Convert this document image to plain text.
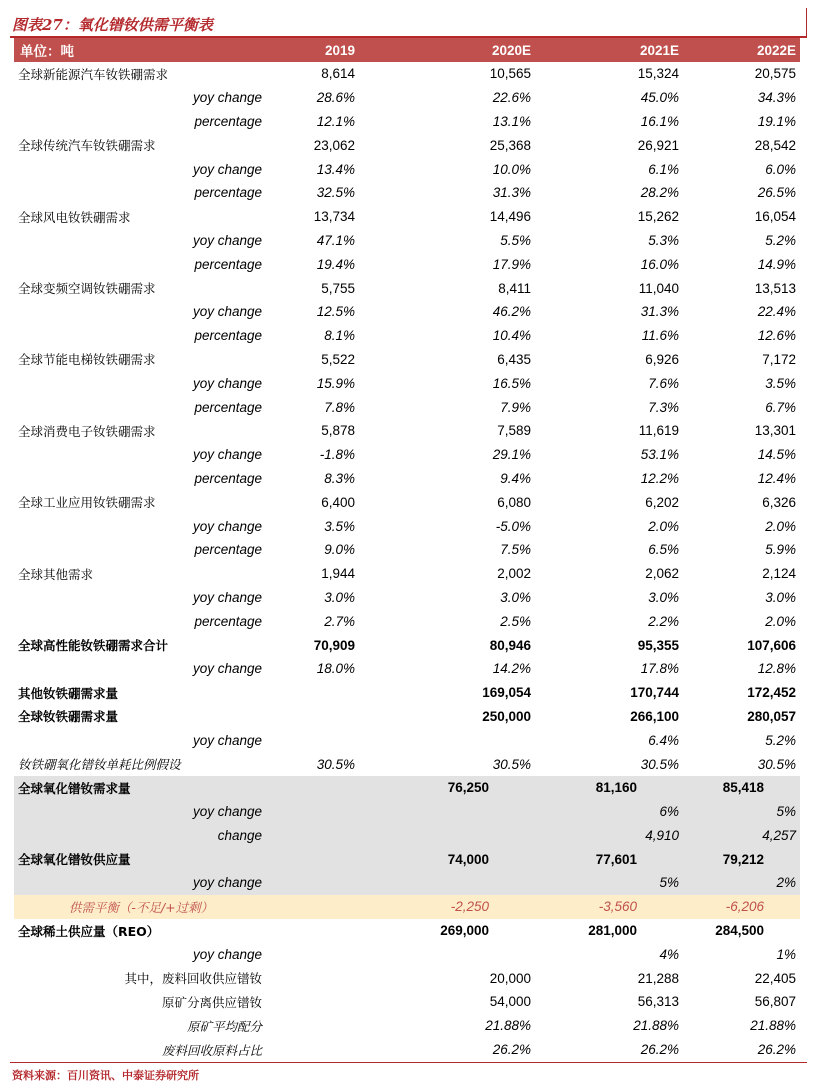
图表27：氧化镨钕供需平衡表
单位：吨	2019	2020E	2021E	2022E
全球新能源汽车钕铁硼需求	8,614	10,565	15,324	20,575
yoy change	28.6%	22.6%	45.0%	34.3%
percentage	12.1%	13.1%	16.1%	19.1%
全球传统汽车钕铁硼需求	23,062	25,368	26,921	28,542
yoy change	13.4%	10.0%	6.1%	6.0%
percentage	32.5%	31.3%	28.2%	26.5%
全球风电钕铁硼需求	13,734	14,496	15,262	16,054
yoy change	47.1%	5.5%	5.3%	5.2%
percentage	19.4%	17.9%	16.0%	14.9%
全球变频空调钕铁硼需求	5,755	8,411	11,040	13,513
yoy change	12.5%	46.2%	31.3%	22.4%
percentage	8.1%	10.4%	11.6%	12.6%
全球节能电梯钕铁硼需求	5,522	6,435	6,926	7,172
yoy change	15.9%	16.5%	7.6%	3.5%
percentage	7.8%	7.9%	7.3%	6.7%
全球消费电子钕铁硼需求	5,878	7,589	11,619	13,301
yoy change	-1.8%	29.1%	53.1%	14.5%
percentage	8.3%	9.4%	12.2%	12.4%
全球工业应用钕铁硼需求	6,400	6,080	6,202	6,326
yoy change	3.5%	-5.0%	2.0%	2.0%
percentage	9.0%	7.5%	6.5%	5.9%
全球其他需求	1,944	2,002	2,062	2,124
yoy change	3.0%	3.0%	3.0%	3.0%
percentage	2.7%	2.5%	2.2%	2.0%
全球高性能钕铁硼需求合计	70,909	80,946	95,355	107,606
yoy change	18.0%	14.2%	17.8%	12.8%
其他钕铁硼需求量		169,054	170,744	172,452
全球钕铁硼需求量		250,000	266,100	280,057
yoy change			6.4%	5.2%
钕铁硼氧化镨钕单耗比例假设	30.5%	30.5%	30.5%	30.5%
全球氧化镨钕需求量		76,250	81,160	85,418
yoy change			6%	5%
change			4,910	4,257
全球氧化镨钕供应量		74,000	77,601	79,212
yoy change			5%	2%
供需平衡（-不足/+过剩）		-2,250	-3,560	-6,206
全球稀土供应量（REO）		269,000	281,000	284,500
yoy change			4%	1%
其中，废料回收供应镨钕		20,000	21,288	22,405
原矿分离供应镨钕		54,000	56,313	56,807
原矿平均配分		21.88%	21.88%	21.88%
废料回收原料占比		26.2%	26.2%	26.2%
资料来源：百川资讯、中泰证券研究所
